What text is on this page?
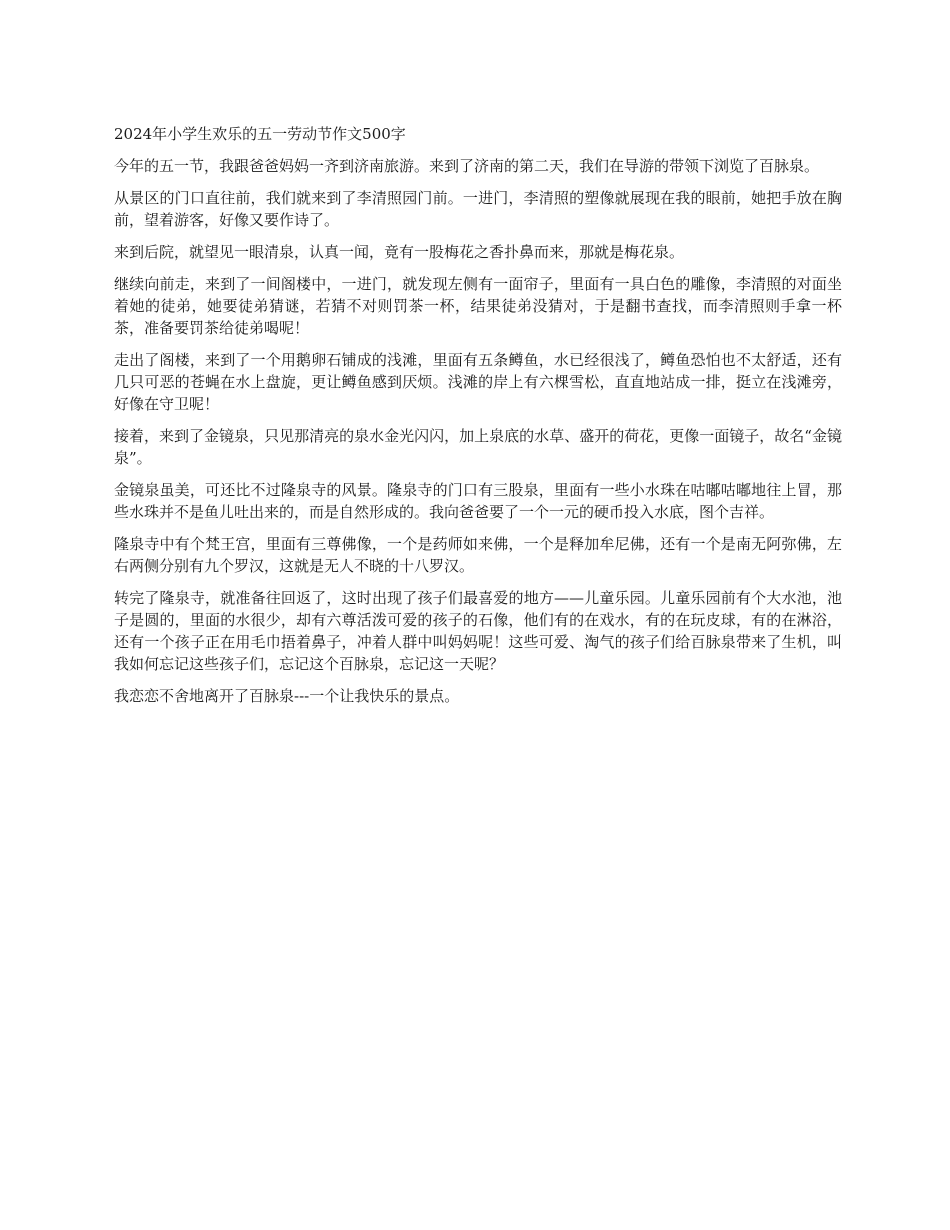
2024年小学生欢乐的五一劳动节作文500字

今年的五一节，我跟爸爸妈妈一齐到济南旅游。来到了济南的第二天，我们在导游的带领下浏览了百脉泉。

从景区的门口直往前，我们就来到了李清照园门前。一进门，李清照的塑像就展现在我的眼前，她把手放在胸前，望着游客，好像又要作诗了。

来到后院，就望见一眼清泉，认真一闻，竟有一股梅花之香扑鼻而来，那就是梅花泉。

继续向前走，来到了一间阁楼中，一进门，就发现左侧有一面帘子，里面有一具白色的雕像，李清照的对面坐着她的徒弟，她要徒弟猜谜，若猜不对则罚茶一杯，结果徒弟没猜对，于是翻书查找，而李清照则手拿一杯茶，准备要罚茶给徒弟喝呢！

走出了阁楼，来到了一个用鹅卵石铺成的浅滩，里面有五条鳟鱼，水已经很浅了，鳟鱼恐怕也不太舒适，还有几只可恶的苍蝇在水上盘旋，更让鳟鱼感到厌烦。浅滩的岸上有六棵雪松，直直地站成一排，挺立在浅滩旁，好像在守卫呢！

接着，来到了金镜泉，只见那清亮的泉水金光闪闪，加上泉底的水草、盛开的荷花，更像一面镜子，故名“金镜泉”。

金镜泉虽美，可还比不过隆泉寺的风景。隆泉寺的门口有三股泉，里面有一些小水珠在咕嘟咕嘟地往上冒，那些水珠并不是鱼儿吐出来的，而是自然形成的。我向爸爸要了一个一元的硬币投入水底，图个吉祥。

隆泉寺中有个梵王宫，里面有三尊佛像，一个是药师如来佛，一个是释加牟尼佛，还有一个是南无阿弥佛，左右两侧分别有九个罗汉，这就是无人不晓的十八罗汉。

转完了隆泉寺，就准备往回返了，这时出现了孩子们最喜爱的地方——儿童乐园。儿童乐园前有个大水池，池子是圆的，里面的水很少，却有六尊活泼可爱的孩子的石像，他们有的在戏水，有的在玩皮球，有的在淋浴，还有一个孩子正在用毛巾捂着鼻子，冲着人群中叫妈妈呢！这些可爱、淘气的孩子们给百脉泉带来了生机，叫我如何忘记这些孩子们，忘记这个百脉泉，忘记这一天呢？

我恋恋不舍地离开了百脉泉---一个让我快乐的景点。
